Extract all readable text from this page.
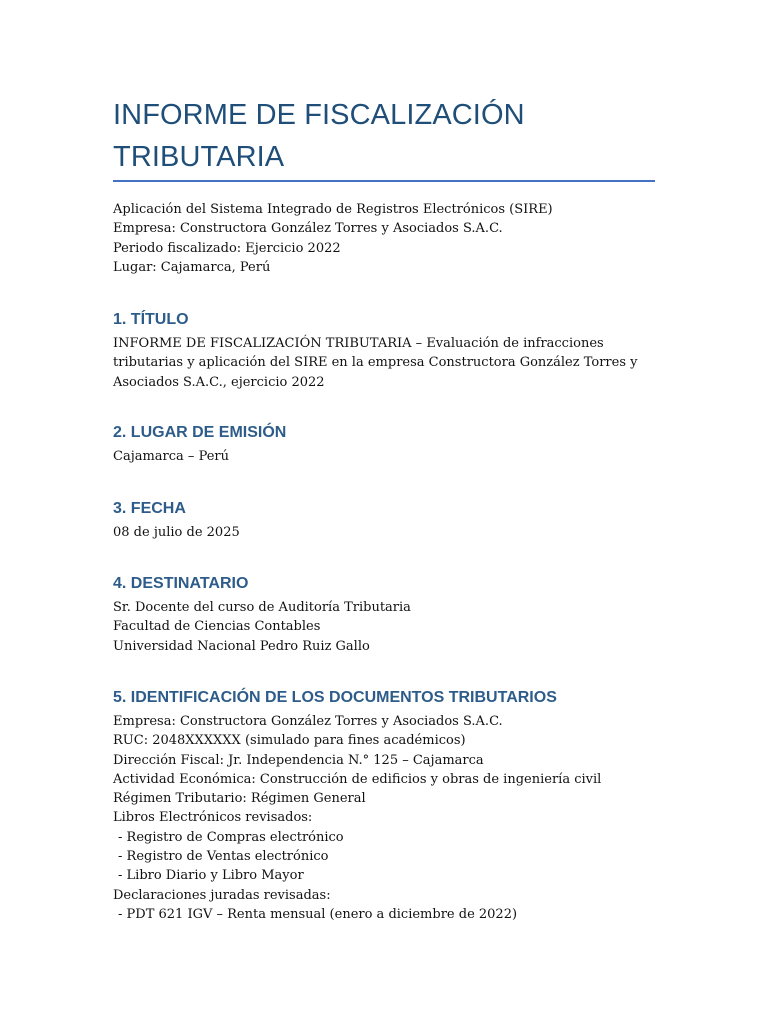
INFORME DE FISCALIZACIÓN
TRIBUTARIA
Aplicación del Sistema Integrado de Registros Electrónicos (SIRE)
Empresa: Constructora González Torres y Asociados S.A.C.
Periodo fiscalizado: Ejercicio 2022
Lugar: Cajamarca, Perú
1. TÍTULO
INFORME DE FISCALIZACIÓN TRIBUTARIA – Evaluación de infracciones tributarias y aplicación del SIRE en la empresa Constructora González Torres y Asociados S.A.C., ejercicio 2022
2. LUGAR DE EMISIÓN
Cajamarca – Perú
3. FECHA
08 de julio de 2025
4. DESTINATARIO
Sr. Docente del curso de Auditoría Tributaria
Facultad de Ciencias Contables
Universidad Nacional Pedro Ruiz Gallo
5. IDENTIFICACIÓN DE LOS DOCUMENTOS TRIBUTARIOS
Empresa: Constructora González Torres y Asociados S.A.C.
RUC: 2048XXXXXX (simulado para fines académicos)
Dirección Fiscal: Jr. Independencia N.° 125 – Cajamarca
Actividad Económica: Construcción de edificios y obras de ingeniería civil
Régimen Tributario: Régimen General
Libros Electrónicos revisados:
- Registro de Compras electrónico
- Registro de Ventas electrónico
- Libro Diario y Libro Mayor
Declaraciones juradas revisadas:
- PDT 621 IGV – Renta mensual (enero a diciembre de 2022)
